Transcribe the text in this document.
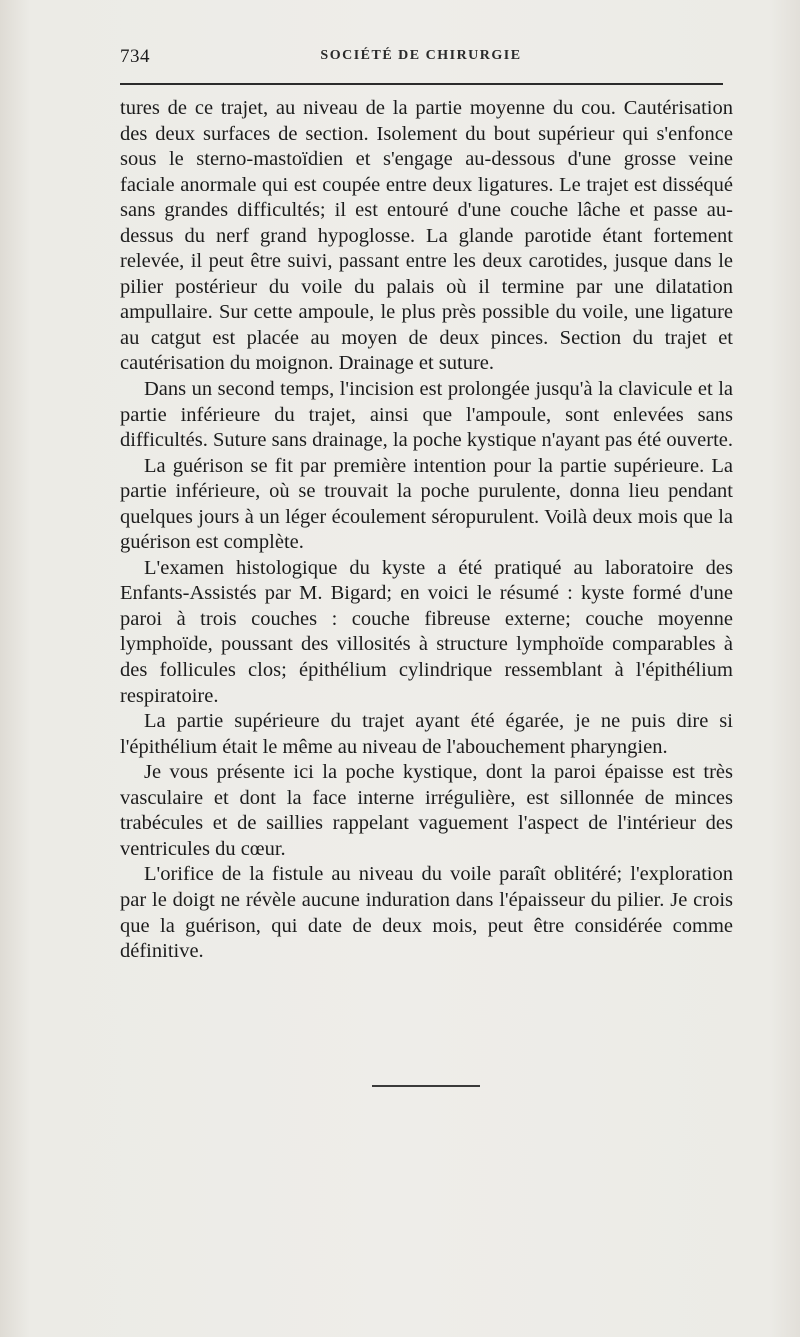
734	SOCIÉTÉ DE CHIRURGIE

tures de ce trajet, au niveau de la partie moyenne du cou. Cautérisation des deux surfaces de section. Isolement du bout supérieur qui s'enfonce sous le sterno-mastoïdien et s'engage au-dessous d'une grosse veine faciale anormale qui est coupée entre deux ligatures. Le trajet est disséqué sans grandes difficultés; il est entouré d'une couche lâche et passe au-dessus du nerf grand hypoglosse. La glande parotide étant fortement relevée, il peut être suivi, passant entre les deux carotides, jusque dans le pilier postérieur du voile du palais où il termine par une dilatation ampullaire. Sur cette ampoule, le plus près possible du voile, une ligature au catgut est placée au moyen de deux pinces. Section du trajet et cautérisation du moignon. Drainage et suture.

Dans un second temps, l'incision est prolongée jusqu'à la clavicule et la partie inférieure du trajet, ainsi que l'ampoule, sont enlevées sans difficultés. Suture sans drainage, la poche kystique n'ayant pas été ouverte.

La guérison se fit par première intention pour la partie supérieure. La partie inférieure, où se trouvait la poche purulente, donna lieu pendant quelques jours à un léger écoulement séropurulent. Voilà deux mois que la guérison est complète.

L'examen histologique du kyste a été pratiqué au laboratoire des Enfants-Assistés par M. Bigard; en voici le résumé : kyste formé d'une paroi à trois couches : couche fibreuse externe; couche moyenne lymphoïde, poussant des villosités à structure lymphoïde comparables à des follicules clos; épithélium cylindrique ressemblant à l'épithélium respiratoire.

La partie supérieure du trajet ayant été égarée, je ne puis dire si l'épithélium était le même au niveau de l'abouchement pharyngien.

Je vous présente ici la poche kystique, dont la paroi épaisse est très vasculaire et dont la face interne irrégulière, est sillonnée de minces trabécules et de saillies rappelant vaguement l'aspect de l'intérieur des ventricules du cœur.

L'orifice de la fistule au niveau du voile paraît oblitéré; l'exploration par le doigt ne révèle aucune induration dans l'épaisseur du pilier. Je crois que la guérison, qui date de deux mois, peut être considérée comme définitive.
